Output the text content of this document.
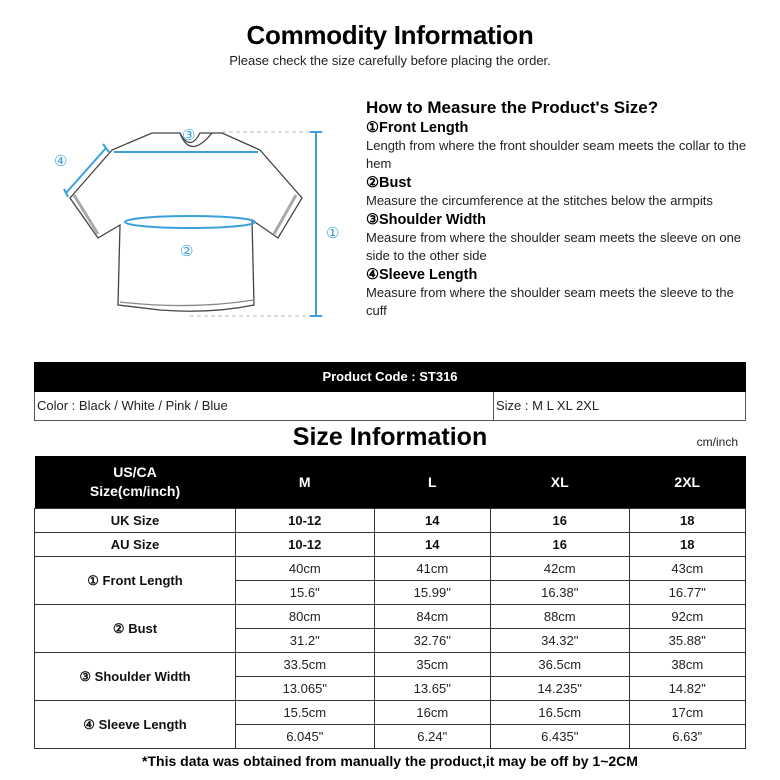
Commodity Information
Please check the size carefully before placing the order.
③
④
②
①
How to Measure the Product's Size?
①Front Length
Length from where the front shoulder seam meets the collar to the hem
②Bust
Measure the circumference at the stitches below the armpits
③Shoulder Width
Measure from where the shoulder seam meets the sleeve on one side to the other side
④Sleeve Length
Measure from where the shoulder seam meets the sleeve to the cuff
Product Code : ST316
Color : Black / White / Pink / Blue	Size : M L XL 2XL
Size Information	cm/inch
US/CA
Size(cm/inch)	M	L	XL	2XL
UK Size	10-12	14	16	18
AU Size	10-12	14	16	18
① Front Length	40cm	41cm	42cm	43cm
	15.6"	15.99"	16.38"	16.77"
② Bust	80cm	84cm	88cm	92cm
	31.2"	32.76"	34.32"	35.88"
③ Shoulder Width	33.5cm	35cm	36.5cm	38cm
	13.065"	13.65"	14.235"	14.82"
④ Sleeve Length	15.5cm	16cm	16.5cm	17cm
	6.045"	6.24"	6.435"	6.63"
*This data was obtained from manually the product,it may be off by 1~2CM
